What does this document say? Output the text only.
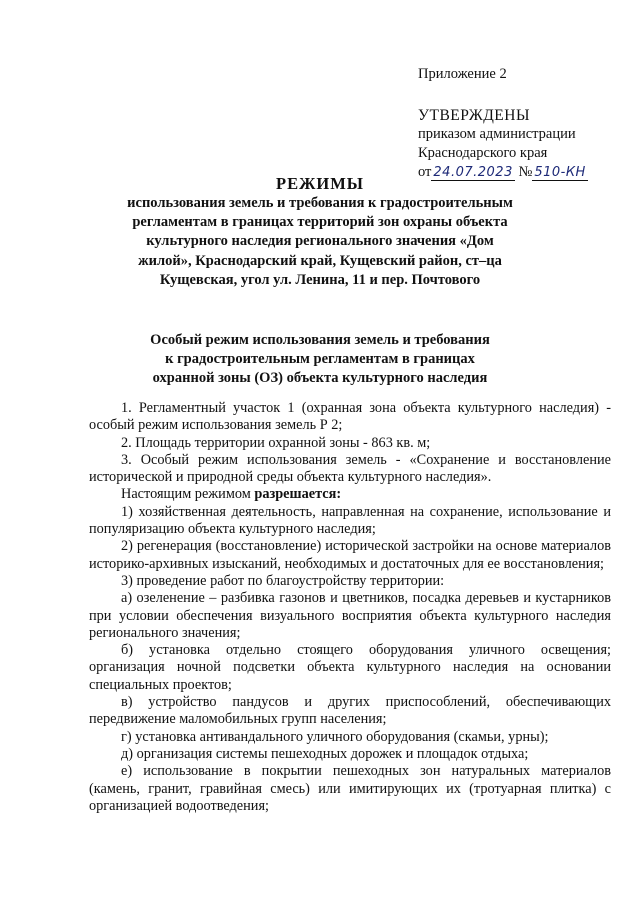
Приложение 2
УТВЕРЖДЕНЫ
приказом администрации
Краснодарского края
от 24.07.2023 № 510-КН
РЕЖИМЫ
использования земель и требования к градостроительным регламентам в границах территорий зон охраны объекта культурного наследия регионального значения «Дом жилой», Краснодарский край, Кущевский район, ст–ца Кущевская, угол ул. Ленина, 11 и пер. Почтового
Особый режим использования земель и требования к градостроительным регламентам в границах охранной зоны (ОЗ) объекта культурного наследия

1. Регламентный участок 1 (охранная зона объекта культурного наследия) - особый режим использования земель Р 2;

2. Площадь территории охранной зоны - 863 кв. м;

3. Особый режим использования земель - «Сохранение и восстановление исторической и природной среды объекта культурного наследия».

Настоящим режимом разрешается:

1) хозяйственная деятельность, направленная на сохранение, использование и популяризацию объекта культурного наследия;

2) регенерация (восстановление) исторической застройки на основе материалов историко-архивных изысканий, необходимых и достаточных для ее восстановления;

3) проведение работ по благоустройству территории:

а) озеленение – разбивка газонов и цветников, посадка деревьев и кустарников при условии обеспечения визуального восприятия объекта культурного наследия регионального значения;

б) установка отдельно стоящего оборудования уличного освещения; организация ночной подсветки объекта культурного наследия на основании специальных проектов;

в) устройство пандусов и других приспособлений, обеспечивающих передвижение маломобильных групп населения;

г) установка антивандального уличного оборудования (скамьи, урны);

д) организация системы пешеходных дорожек и площадок отдыха;

е) использование в покрытии пешеходных зон натуральных материалов (камень, гранит, гравийная смесь) или имитирующих их (тротуарная плитка) с организацией водоотведения;
